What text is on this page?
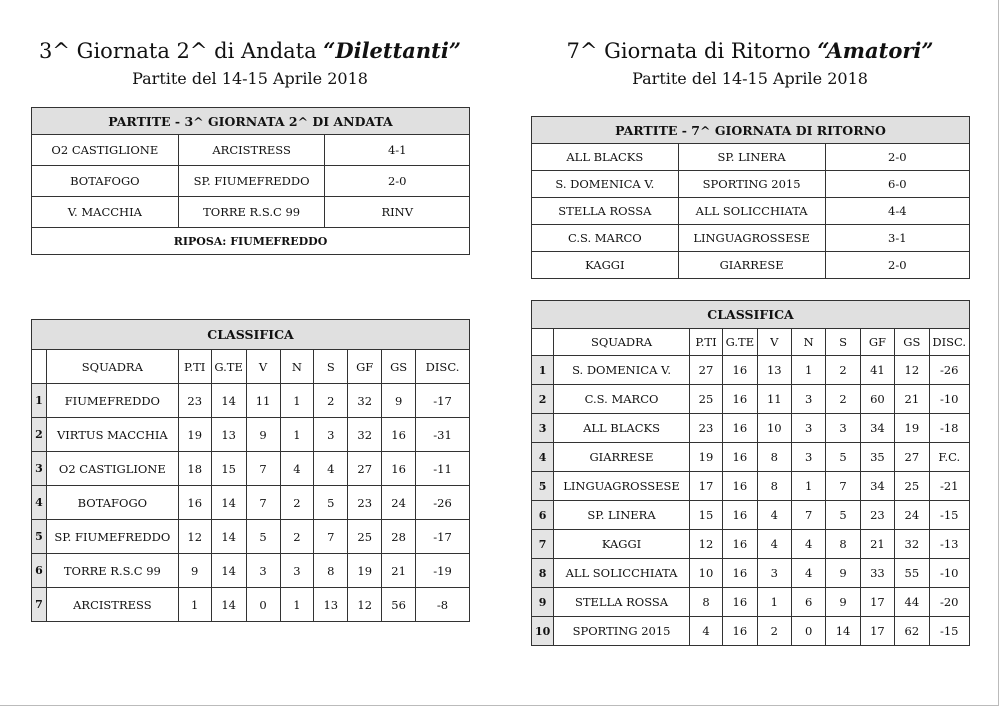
3^ Giornata 2^ di Andata “Dilettanti”
Partite del 14-15 Aprile 2018
7^ Giornata di Ritorno “Amatori”
Partite del 14-15 Aprile 2018
PARTITE - 3^ GIORNATA 2^ DI ANDATA		
O2 CASTIGLIONE	ARCISTRESS	4-1
BOTAFOGO	SP. FIUMEFREDDO	2-0
V. MACCHIA	TORRE R.S.C 99	RINV
RIPOSA: FIUMEFREDDO		
PARTITE - 7^ GIORNATA DI RITORNO		
ALL BLACKS	SP. LINERA	2-0
S. DOMENICA V.	SPORTING 2015	6-0
STELLA ROSSA	ALL SOLICCHIATA	4-4
C.S. MARCO	LINGUAGROSSESE	3-1
KAGGI	GIARRESE	2-0
CLASSIFICA									
	SQUADRA	P.TI	G.TE	V	N	S	GF	GS	DISC.
1	FIUMEFREDDO	23	14	11	1	2	32	9	-17
2	VIRTUS MACCHIA	19	13	9	1	3	32	16	-31
3	O2 CASTIGLIONE	18	15	7	4	4	27	16	-11
4	BOTAFOGO	16	14	7	2	5	23	24	-26
5	SP. FIUMEFREDDO	12	14	5	2	7	25	28	-17
6	TORRE R.S.C 99	9	14	3	3	8	19	21	-19
7	ARCISTRESS	1	14	0	1	13	12	56	-8
CLASSIFICA									
	SQUADRA	P.TI	G.TE	V	N	S	GF	GS	DISC.
1	S. DOMENICA V.	27	16	13	1	2	41	12	-26
2	C.S. MARCO	25	16	11	3	2	60	21	-10
3	ALL BLACKS	23	16	10	3	3	34	19	-18
4	GIARRESE	19	16	8	3	5	35	27	F.C.
5	LINGUAGROSSESE	17	16	8	1	7	34	25	-21
6	SP. LINERA	15	16	4	7	5	23	24	-15
7	KAGGI	12	16	4	4	8	21	32	-13
8	ALL SOLICCHIATA	10	16	3	4	9	33	55	-10
9	STELLA ROSSA	8	16	1	6	9	17	44	-20
10	SPORTING 2015	4	16	2	0	14	17	62	-15
